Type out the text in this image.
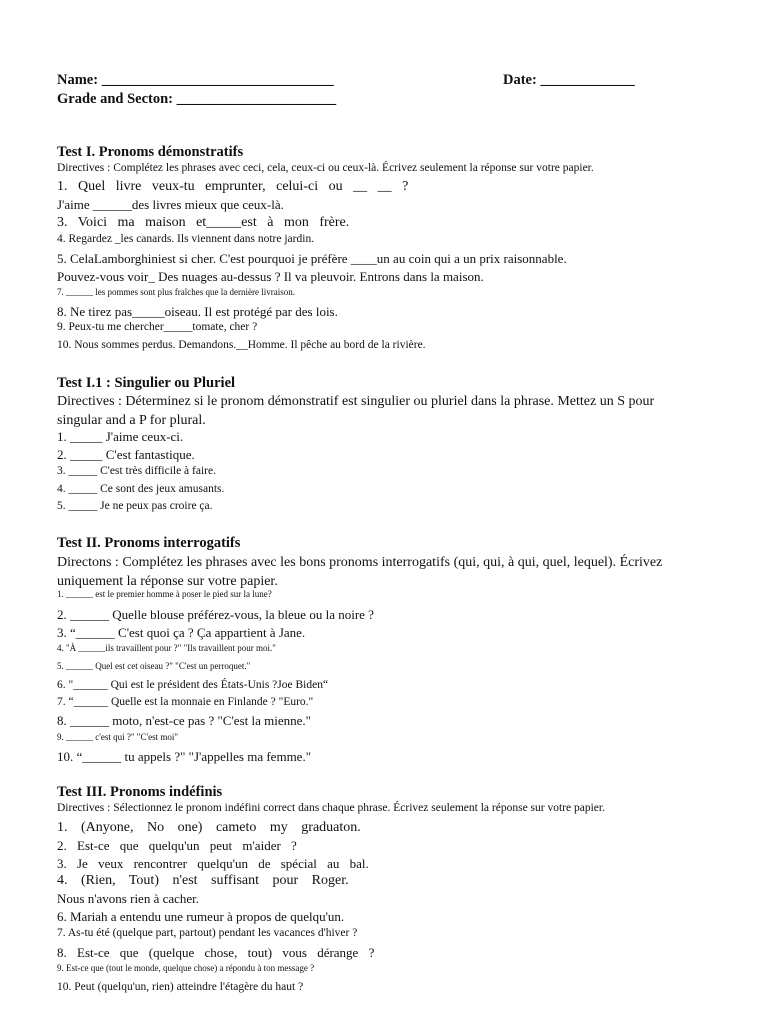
Name: ________________________________	Date: _____________
Grade and Secton: ______________________
Test I. Pronoms démonstratifs
Directives : Complétez les phrases avec ceci, cela, ceux-ci ou ceux-là. Écrivez seulement la réponse sur votre papier.
1. Quel livre veux-tu emprunter, celui-ci ou __ __ ?
J'aime ______des livres mieux que ceux-là.
3. Voici ma maison et_____est à mon frère.
4. Regardez _les canards. Ils viennent dans notre jardin.
5. CelaLamborghiniest si cher. C'est pourquoi je préfère ____un au coin qui a un prix raisonnable.
Pouvez-vous voir_ Des nuages au-dessus ? Il va pleuvoir. Entrons dans la maison.
7. ______ les pommes sont plus fraîches que la dernière livraison.
8. Ne tirez pas_____oiseau. Il est protégé par des lois.
9. Peux-tu me chercher_____tomate, cher ?
10. Nous sommes perdus. Demandons.__Homme. Il pêche au bord de la rivière.
Test I.1 : Singulier ou Pluriel
Directives : Déterminez si le pronom démonstratif est singulier ou pluriel dans la phrase. Mettez un S pour singular and a P for plural.
1. _____ J'aime ceux-ci.
2. _____ C'est fantastique.
3. _____ C'est très difficile à faire.
4. _____ Ce sont des jeux amusants.
5. _____ Je ne peux pas croire ça.
Test II. Pronoms interrogatifs
Directons : Complétez les phrases avec les bons pronoms interrogatifs (qui, qui, à qui, quel, lequel). Écrivez uniquement la réponse sur votre papier.
1. ______ est le premier homme à poser le pied sur la lune?
2. ______ Quelle blouse préférez-vous, la bleue ou la noire ?
3. “______ C'est quoi ça ? Ça appartient à Jane.
4. "À ______ils travaillent pour ?" "Ils travaillent pour moi."
5. ______ Quel est cet oiseau ?" "C'est un perroquet."
6. "______ Qui est le président des États-Unis ?Joe Biden“
7. “______ Quelle est la monnaie en Finlande ? "Euro."
8. ______ moto, n'est-ce pas ? "C'est la mienne."
9. ______ c'est qui ?" "C'est moi"
10. “______ tu appels ?" "J'appelles ma femme."
Test III. Pronoms indéfinis
Directives : Sélectionnez le pronom indéfini correct dans chaque phrase. Écrivez seulement la réponse sur votre papier.
1. (Anyone, No one) cameto my graduaton.
2. Est-ce que quelqu'un peut m'aider ?
3. Je veux rencontrer quelqu'un de spécial au bal.
4. (Rien, Tout) n'est suffisant pour Roger.
Nous n'avons rien à cacher.
6. Mariah a entendu une rumeur à propos de quelqu'un.
7. As-tu été (quelque part, partout) pendant les vacances d'hiver ?
8. Est-ce que (quelque chose, tout) vous dérange ?
9. Est-ce que (tout le monde, quelque chose) a répondu à ton message ?
10. Peut (quelqu'un, rien) atteindre l'étagère du haut ?
